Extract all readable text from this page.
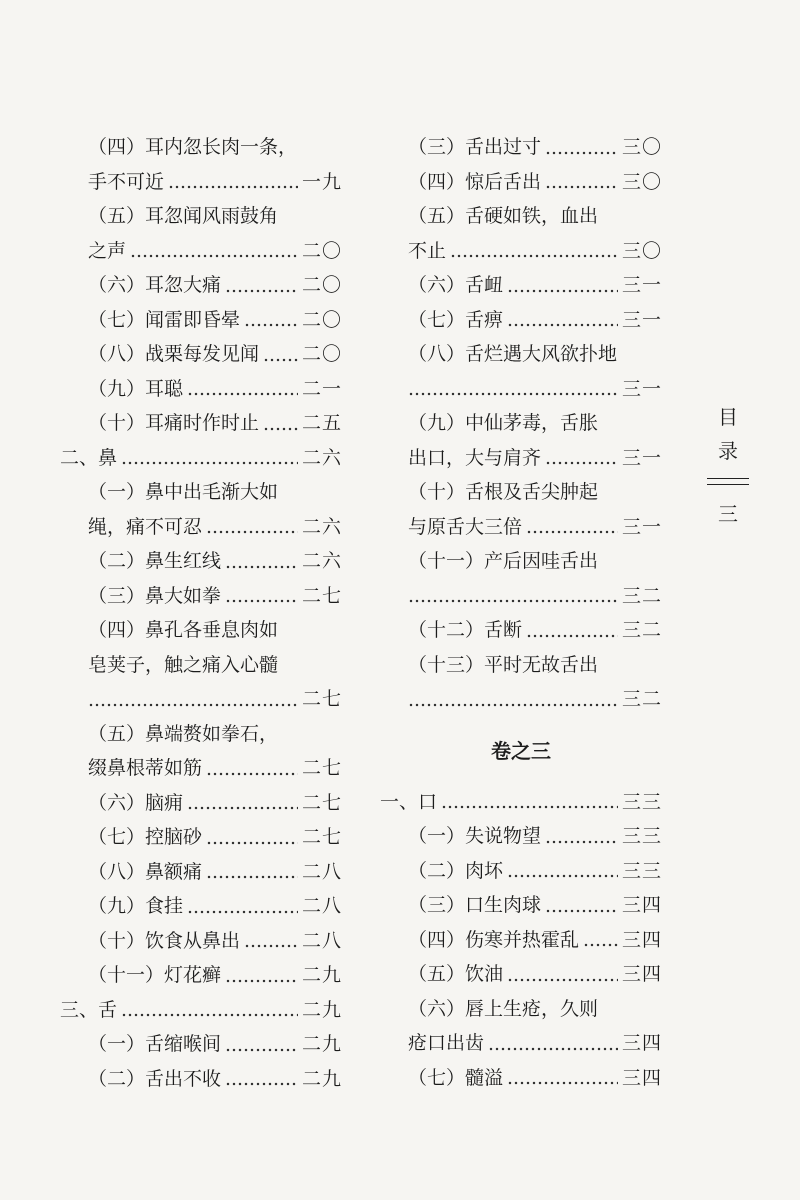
（四）耳内忽长肉一条，
手不可近	一九
（五）耳忽闻风雨鼓角
之声	二〇
（六）耳忽大痛	二〇
（七）闻雷即昏晕	二〇
（八）战栗每发见闻 二〇
（九）耳聪	二一
（十）耳痛时作时止 二五
二、鼻	二六
（一）鼻中出毛渐大如
绳，痛不可忍	二六
（二）鼻生红线	二六
（三）鼻大如拳	二七
（四）鼻孔各垂息肉如
皂荚子，触之痛入心髓
二七
（五）鼻端赘如拳石，
缀鼻根蒂如筋	二七
（六）脑痈	二七
（七）控脑砂	二七
（八）鼻额痛	二八
（九）食挂	二八
（十）饮食从鼻出	二八
（十一）灯花癣	二九
三、舌	二九
（一）舌缩喉间	二九
（二）舌出不收	二九
（三）舌出过寸	三〇
（四）惊后舌出	三〇
（五）舌硬如铁，血出
不止	三〇
（六）舌衄	三一
（七）舌痹	三一
（八）舌烂遇大风欲扑地
三一
（九）中仙茅毒，舌胀
出口，大与肩齐	三一
（十）舌根及舌尖肿起
与原舌大三倍	三一
（十一）产后因哇舌出
三二
（十二）舌断	三二
（十三）平时无故舌出
三二
卷之三
一、口	三三
（一）失说物望	三三
（二）肉坏	三三
（三）口生肉球	三四
（四）伤寒并热霍乱 三四
（五）饮油	三四
（六）唇上生疮，久则
疮口出齿	三四
（七）髓溢	三四
目
录
三
